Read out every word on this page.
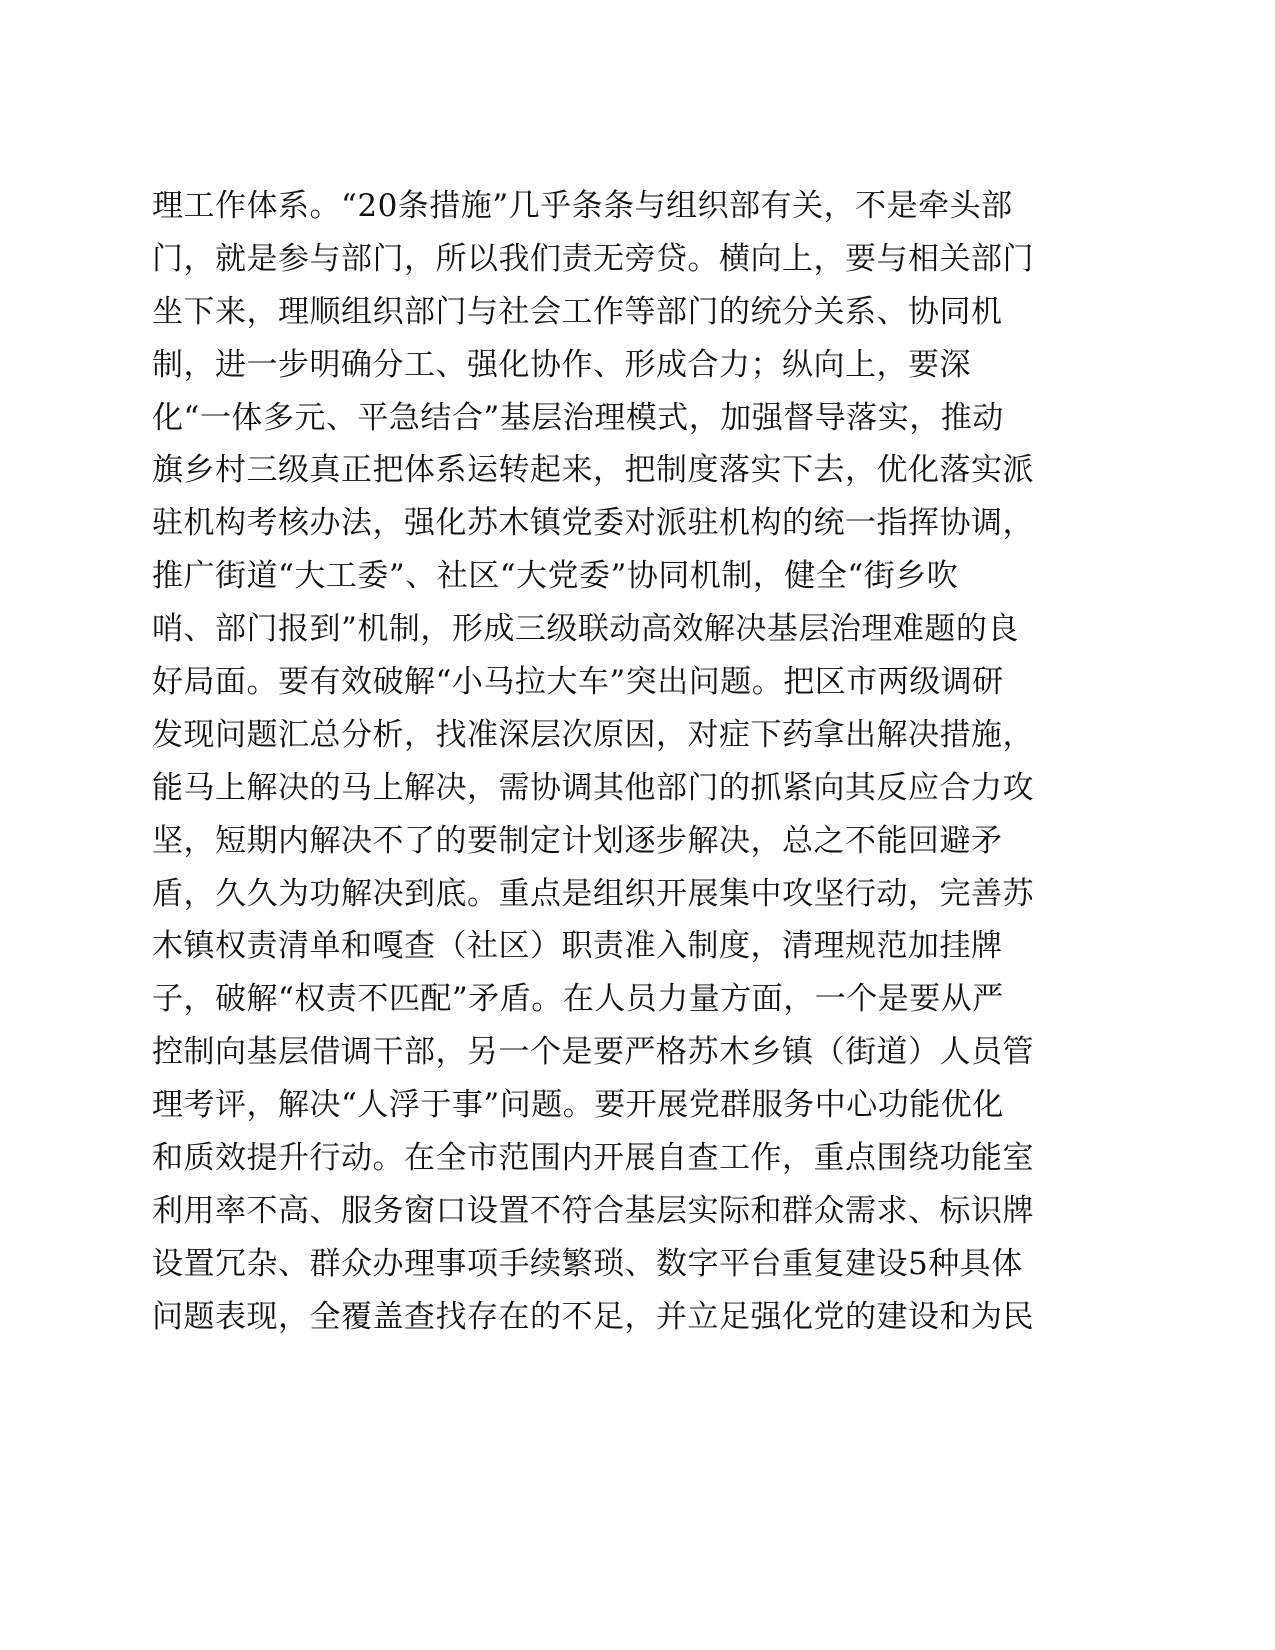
理工作体系。“20条措施”几乎条条与组织部有关，不是牵头部
门，就是参与部门，所以我们责无旁贷。横向上，要与相关部门
坐下来，理顺组织部门与社会工作等部门的统分关系、协同机
制，进一步明确分工、强化协作、形成合力；纵向上，要深
化“一体多元、平急结合”基层治理模式，加强督导落实，推动
旗乡村三级真正把体系运转起来，把制度落实下去，优化落实派
驻机构考核办法，强化苏木镇党委对派驻机构的统一指挥协调，
推广街道“大工委”、社区“大党委”协同机制，健全“街乡吹
哨、部门报到”机制，形成三级联动高效解决基层治理难题的良
好局面。要有效破解“小马拉大车”突出问题。把区市两级调研
发现问题汇总分析，找准深层次原因，对症下药拿出解决措施，
能马上解决的马上解决，需协调其他部门的抓紧向其反应合力攻
坚，短期内解决不了的要制定计划逐步解决，总之不能回避矛
盾，久久为功解决到底。重点是组织开展集中攻坚行动，完善苏
木镇权责清单和嘎查（社区）职责准入制度，清理规范加挂牌
子，破解“权责不匹配”矛盾。在人员力量方面，一个是要从严
控制向基层借调干部，另一个是要严格苏木乡镇（街道）人员管
理考评，解决“人浮于事”问题。要开展党群服务中心功能优化
和质效提升行动。在全市范围内开展自查工作，重点围绕功能室
利用率不高、服务窗口设置不符合基层实际和群众需求、标识牌
设置冗杂、群众办理事项手续繁琐、数字平台重复建设5种具体
问题表现，全覆盖查找存在的不足，并立足强化党的建设和为民
